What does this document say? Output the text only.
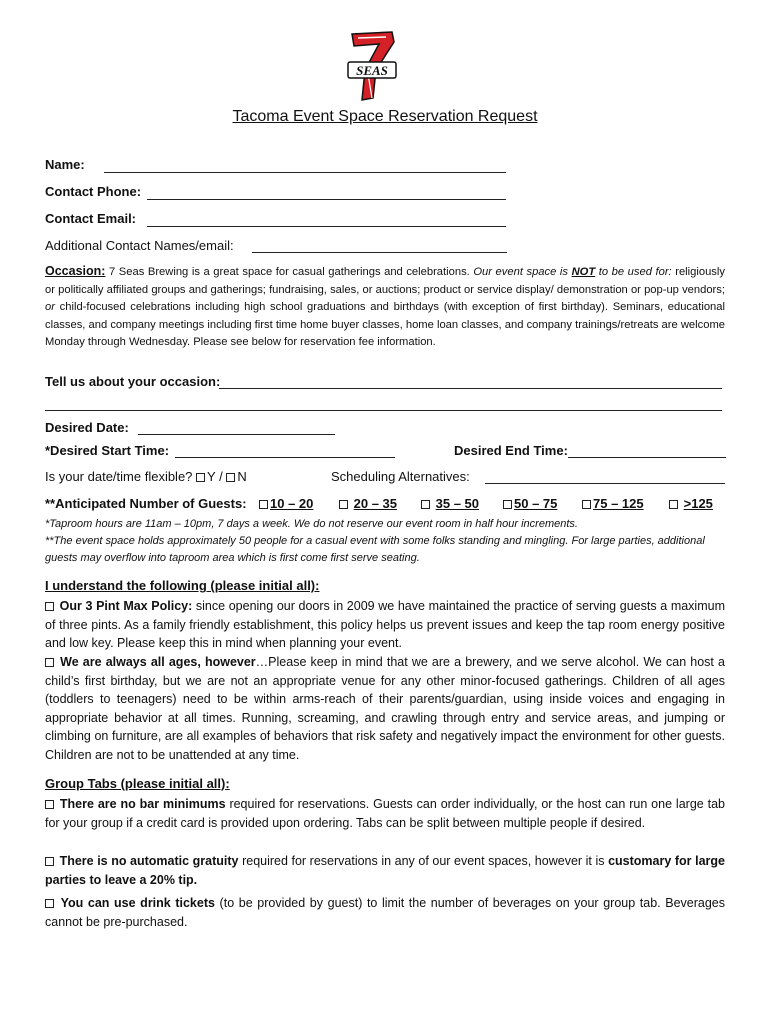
SEAS
Tacoma Event Space Reservation Request
Name:
Contact Phone:
Contact Email:
Additional Contact Names/email:
Occasion: 7 Seas Brewing is a great space for casual gatherings and celebrations. Our event space is NOT to be used for: religiously or politically affiliated groups and gatherings; fundraising, sales, or auctions; product or service display/ demonstration or pop-up vendors; or child-focused celebrations including high school graduations and birthdays (with exception of first birthday). Seminars, educational classes, and company meetings including first time home buyer classes, home loan classes, and company trainings/retreats are welcome Monday through Wednesday. Please see below for reservation fee information.
Tell us about your occasion:
Desired Date:
*Desired Start Time:	Desired End Time:
Is your date/time flexible? Y / N	Scheduling Alternatives:
**Anticipated Number of Guests:	10 – 20	20 – 35	35 – 50	50 – 75	75 – 125	>125
*Taproom hours are 11am – 10pm, 7 days a week. We do not reserve our event room in half hour increments.
**The event space holds approximately 50 people for a casual event with some folks standing and mingling. For large parties, additional guests may overflow into taproom area which is first come first serve seating.
I understand the following (please initial all):
Our 3 Pint Max Policy: since opening our doors in 2009 we have maintained the practice of serving guests a maximum of three pints. As a family friendly establishment, this policy helps us prevent issues and keep the tap room energy positive and low key. Please keep this in mind when planning your event.
We are always all ages, however…Please keep in mind that we are a brewery, and we serve alcohol. We can host a child’s first birthday, but we are not an appropriate venue for any other minor-focused gatherings. Children of all ages (toddlers to teenagers) need to be within arms-reach of their parents/guardian, using inside voices and engaging in appropriate behavior at all times. Running, screaming, and crawling through entry and service areas, and jumping or climbing on furniture, are all examples of behaviors that risk safety and negatively impact the environment for other guests. Children are not to be unattended at any time.
Group Tabs (please initial all):
There are no bar minimums required for reservations. Guests can order individually, or the host can run one large tab for your group if a credit card is provided upon ordering. Tabs can be split between multiple people if desired.
There is no automatic gratuity required for reservations in any of our event spaces, however it is customary for large parties to leave a 20% tip.
You can use drink tickets (to be provided by guest) to limit the number of beverages on your group tab. Beverages cannot be pre-purchased.
